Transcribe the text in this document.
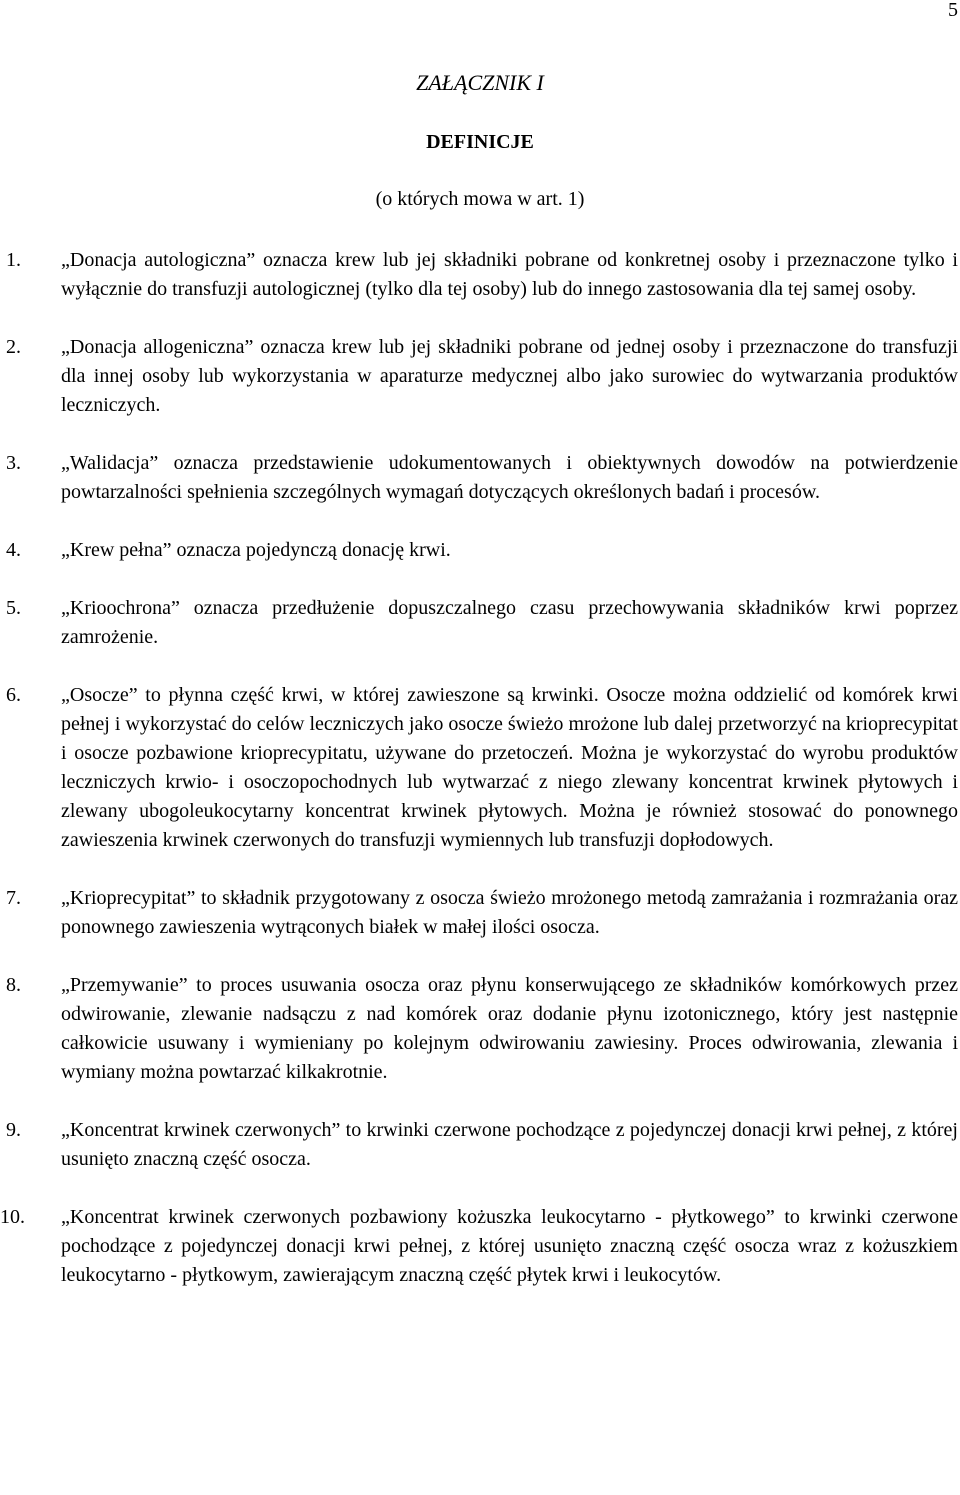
5
ZAŁĄCZNIK I
DEFINICJE
(o których mowa w art. 1)

1. „Donacja autologiczna” oznacza krew lub jej składniki pobrane od konkretnej osoby i przeznaczone tylko i wyłącznie do transfuzji autologicznej (tylko dla tej osoby) lub do innego zastosowania dla tej samej osoby.

2. „Donacja allogeniczna” oznacza krew lub jej składniki pobrane od jednej osoby i przeznaczone do transfuzji dla innej osoby lub wykorzystania w aparaturze medycznej albo jako surowiec do wytwarzania produktów leczniczych.

3. „Walidacja” oznacza przedstawienie udokumentowanych i obiektywnych dowodów na potwierdzenie powtarzalności spełnienia szczególnych wymagań dotyczących określonych badań i procesów.

4. „Krew pełna” oznacza pojedynczą donację krwi.

5. „Krioochrona” oznacza przedłużenie dopuszczalnego czasu przechowywania składników krwi poprzez zamrożenie.

6. „Osocze” to płynna część krwi, w której zawieszone są krwinki. Osocze można oddzielić od komórek krwi pełnej i wykorzystać do celów leczniczych jako osocze świeżo mrożone lub dalej przetworzyć na krioprecypitat i osocze pozbawione krioprecypitatu, używane do przetoczeń. Można je wykorzystać do wyrobu produktów leczniczych krwio- i osoczopochodnych lub wytwarzać z niego zlewany koncentrat krwinek płytowych i zlewany ubogoleukocytarny koncentrat krwinek płytowych. Można je również stosować do ponownego zawieszenia krwinek czerwonych do transfuzji wymiennych lub transfuzji dopłodowych.

7. „Krioprecypitat” to składnik przygotowany z osocza świeżo mrożonego metodą zamrażania i rozmrażania oraz ponownego zawieszenia wytrąconych białek w małej ilości osocza.

8. „Przemywanie” to proces usuwania osocza oraz płynu konserwującego ze składników komórkowych przez odwirowanie, zlewanie nadsączu z nad komórek oraz dodanie płynu izotonicznego, który jest następnie całkowicie usuwany i wymieniany po kolejnym odwirowaniu zawiesiny. Proces odwirowania, zlewania i wymiany można powtarzać kilkakrotnie.

9. „Koncentrat krwinek czerwonych” to krwinki czerwone pochodzące z pojedynczej donacji krwi pełnej, z której usunięto znaczną część osocza.

10. „Koncentrat krwinek czerwonych pozbawiony kożuszka leukocytarno - płytkowego” to krwinki czerwone pochodzące z pojedynczej donacji krwi pełnej, z której usunięto znaczną część osocza wraz z kożuszkiem leukocytarno - płytkowym, zawierającym znaczną część płytek krwi i leukocytów.
